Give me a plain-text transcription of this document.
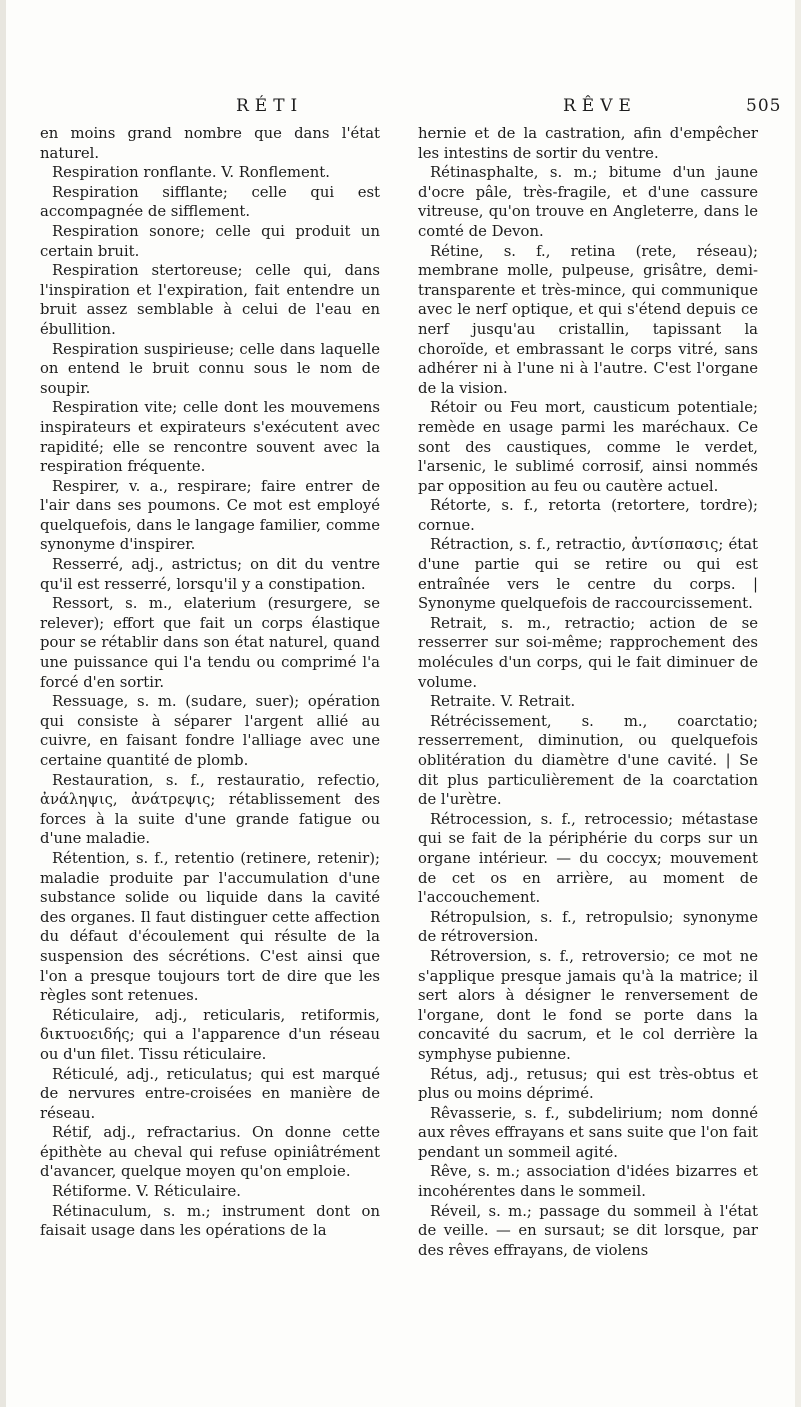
RÉTI	RÊVE	505

en moins grand nombre que dans l'état naturel.

Respiration ronflante. V. Ronflement.

Respiration sifflante; celle qui est accompagnée de sifflement.

Respiration sonore; celle qui produit un certain bruit.

Respiration stertoreuse; celle qui, dans l'inspiration et l'expiration, fait entendre un bruit assez semblable à celui de l'eau en ébullition.

Respiration suspirieuse; celle dans laquelle on entend le bruit connu sous le nom de soupir.

Respiration vite; celle dont les mouvemens inspirateurs et expirateurs s'exécutent avec rapidité; elle se rencontre souvent avec la respiration fréquente.

Respirer, v. a., respirare; faire entrer de l'air dans ses poumons. Ce mot est employé quelquefois, dans le langage familier, comme synonyme d'inspirer.

Resserré, adj., astrictus; on dit du ventre qu'il est resserré, lorsqu'il y a constipation.

Ressort, s. m., elaterium (resurgere, se relever); effort que fait un corps élastique pour se rétablir dans son état naturel, quand une puissance qui l'a tendu ou comprimé l'a forcé d'en sortir.

Ressuage, s. m. (sudare, suer); opération qui consiste à séparer l'argent allié au cuivre, en faisant fondre l'alliage avec une certaine quantité de plomb.

Restauration, s. f., restauratio, refectio, ἀνάληψις, ἀνάτρεψις; rétablissement des forces à la suite d'une grande fatigue ou d'une maladie.

Rétention, s. f., retentio (retinere, retenir); maladie produite par l'accumulation d'une substance solide ou liquide dans la cavité des organes. Il faut distinguer cette affection du défaut d'écoulement qui résulte de la suspension des sécrétions. C'est ainsi que l'on a presque toujours tort de dire que les règles sont retenues.

Réticulaire, adj., reticularis, retiformis, δικτυοειδής; qui a l'apparence d'un réseau ou d'un filet. Tissu réticulaire.

Réticulé, adj., reticulatus; qui est marqué de nervures entre-croisées en manière de réseau.

Rétif, adj., refractarius. On donne cette épithète au cheval qui refuse opiniâtrément d'avancer, quelque moyen qu'on emploie.

Rétiforme. V. Réticulaire.

Rétinaculum, s. m.; instrument dont on faisait usage dans les opérations de la

hernie et de la castration, afin d'empêcher les intestins de sortir du ventre.

Rétinasphalte, s. m.; bitume d'un jaune d'ocre pâle, très-fragile, et d'une cassure vitreuse, qu'on trouve en Angleterre, dans le comté de Devon.

Rétine, s. f., retina (rete, réseau); membrane molle, pulpeuse, grisâtre, demi-transparente et très-mince, qui communique avec le nerf optique, et qui s'étend depuis ce nerf jusqu'au cristallin, tapissant la choroïde, et embrassant le corps vitré, sans adhérer ni à l'une ni à l'autre. C'est l'organe de la vision.

Rétoir ou Feu mort, causticum potentiale; remède en usage parmi les maréchaux. Ce sont des caustiques, comme le verdet, l'arsenic, le sublimé corrosif, ainsi nommés par opposition au feu ou cautère actuel.

Rétorte, s. f., retorta (retortere, tordre); cornue.

Rétraction, s. f., retractio, ἀντίσπασις; état d'une partie qui se retire ou qui est entraînée vers le centre du corps. | Synonyme quelquefois de raccourcissement.

Retrait, s. m., retractio; action de se resserrer sur soi-même; rapprochement des molécules d'un corps, qui le fait diminuer de volume.

Retraite. V. Retrait.

Rétrécissement, s. m., coarctatio; resserrement, diminution, ou quelquefois oblitération du diamètre d'une cavité. | Se dit plus particulièrement de la coarctation de l'urètre.

Rétrocession, s. f., retrocessio; métastase qui se fait de la périphérie du corps sur un organe intérieur. — du coccyx; mouvement de cet os en arrière, au moment de l'accouchement.

Rétropulsion, s. f., retropulsio; synonyme de rétroversion.

Rétroversion, s. f., retroversio; ce mot ne s'applique presque jamais qu'à la matrice; il sert alors à désigner le renversement de l'organe, dont le fond se porte dans la concavité du sacrum, et le col derrière la symphyse pubienne.

Rétus, adj., retusus; qui est très-obtus et plus ou moins déprimé.

Rêvasserie, s. f., subdelirium; nom donné aux rêves effrayans et sans suite que l'on fait pendant un sommeil agité.

Rêve, s. m.; association d'idées bizarres et incohérentes dans le sommeil.

Réveil, s. m.; passage du sommeil à l'état de veille. — en sursaut; se dit lorsque, par des rêves effrayans, de violens
